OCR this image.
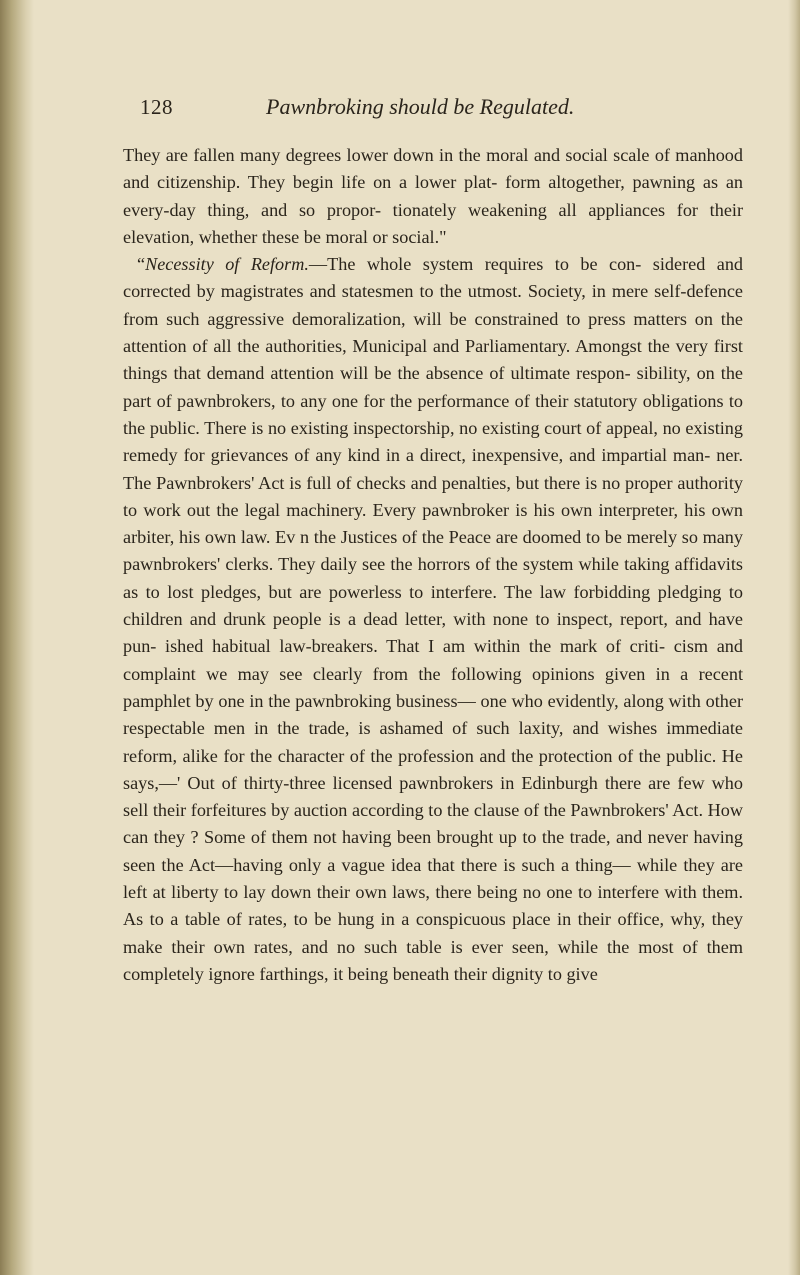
128	Pawnbroking should be Regulated.

They are fallen many degrees lower down in the moral and social scale of manhood and citizenship. They begin life on a lower plat- form altogether, pawning as an every-day thing, and so propor- tionately weakening all appliances for their elevation, whether these be moral or social."

“Necessity of Reform.—The whole system requires to be con- sidered and corrected by magistrates and statesmen to the utmost. Society, in mere self-defence from such aggressive demoralization, will be constrained to press matters on the attention of all the authorities, Municipal and Parliamentary. Amongst the very first things that demand attention will be the absence of ultimate respon- sibility, on the part of pawnbrokers, to any one for the performance of their statutory obligations to the public. There is no existing inspectorship, no existing court of appeal, no existing remedy for grievances of any kind in a direct, inexpensive, and impartial man- ner. The Pawnbrokers' Act is full of checks and penalties, but there is no proper authority to work out the legal machinery. Every pawnbroker is his own interpreter, his own arbiter, his own law. Ev n the Justices of the Peace are doomed to be merely so many pawnbrokers' clerks. They daily see the horrors of the system while taking affidavits as to lost pledges, but are powerless to interfere. The law forbidding pledging to children and drunk people is a dead letter, with none to inspect, report, and have pun- ished habitual law-breakers. That I am within the mark of criti- cism and complaint we may see clearly from the following opinions given in a recent pamphlet by one in the pawnbroking business— one who evidently, along with other respectable men in the trade, is ashamed of such laxity, and wishes immediate reform, alike for the character of the profession and the protection of the public. He says,—' Out of thirty-three licensed pawnbrokers in Edinburgh there are few who sell their forfeitures by auction according to the clause of the Pawnbrokers' Act. How can they ? Some of them not having been brought up to the trade, and never having seen the Act—having only a vague idea that there is such a thing— while they are left at liberty to lay down their own laws, there being no one to interfere with them. As to a table of rates, to be hung in a conspicuous place in their office, why, they make their own rates, and no such table is ever seen, while the most of them completely ignore farthings, it being beneath their dignity to give
